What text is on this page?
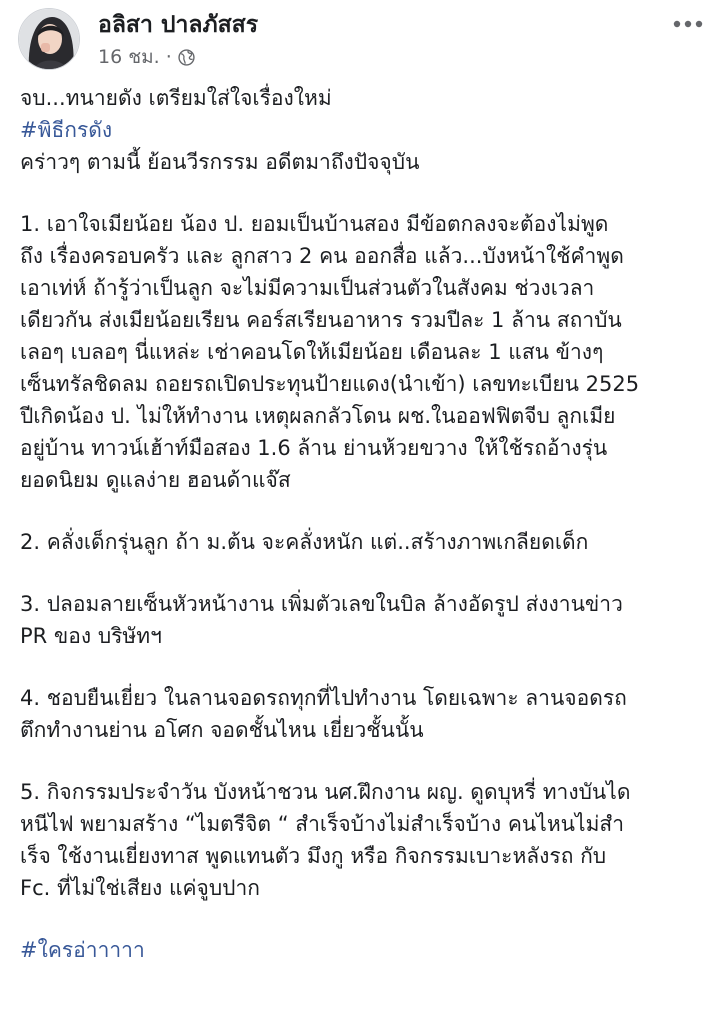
อลิสา ปาลภัสสร
16 ชม. ·
จบ...ทนายดัง เตรียมใส่ใจเรื่องใหม่
#พิธีกรดัง
คร่าวๆ ตามนี้ ย้อนวีรกรรม อดีตมาถึงปัจจุบัน
1. เอาใจเมียน้อย น้อง ป. ยอมเป็นบ้านสอง มีข้อตกลงจะต้องไม่พูด
ถึง เรื่องครอบครัว และ ลูกสาว 2 คน ออกสื่อ แล้ว...บังหน้าใช้คำพูด
เอาเท่ห์ ถ้ารู้ว่าเป็นลูก จะไม่มีความเป็นส่วนตัวในสังคม ช่วงเวลา
เดียวกัน ส่งเมียน้อยเรียน คอร์สเรียนอาหาร รวมปีละ 1 ล้าน สถาบัน
เลอๆ เบลอๆ นี่แหล่ะ เช่าคอนโดให้เมียน้อย เดือนละ 1 แสน ข้างๆ
เซ็นทรัลชิดลม ถอยรถเปิดประทุนป้ายแดง(นำเข้า) เลขทะเบียน 2525
ปีเกิดน้อง ป. ไม่ให้ทำงาน เหตุผลกลัวโดน ผช.ในออฟฟิตจีบ ลูกเมีย
อยู่บ้าน ทาวน์เฮ้าท์มือสอง 1.6 ล้าน ย่านห้วยขวาง ให้ใช้รถอ้างรุ่น
ยอดนิยม ดูแลง่าย ฮอนด้าแจ๊ส
2. คลั่งเด็กรุ่นลูก ถ้า ม.ต้น จะคลั่งหนัก แต่..สร้างภาพเกลียดเด็ก
3. ปลอมลายเซ็นหัวหน้างาน เพิ่มตัวเลขในบิล ล้างอัดรูป ส่งงานข่าว
PR ของ บริษัทฯ
4. ชอบยืนเยี่ยว ในลานจอดรถทุกที่ไปทำงาน โดยเฉพาะ ลานจอดรถ
ตึกทำงานย่าน อโศก จอดชั้นไหน เยี่ยวชั้นนั้น
5. กิจกรรมประจำวัน บังหน้าชวน นศ.ฝึกงาน ผญ. ดูดบุหรี่ ทางบันได
หนีไฟ พยามสร้าง “ไมตรีจิต “ สำเร็จบ้างไม่สำเร็จบ้าง คนไหนไม่สำ
เร็จ ใช้งานเยี่ยงทาส พูดแทนตัว มึงกู หรือ กิจกรรมเบาะหลังรถ กับ
Fc. ที่ไม่ใช่เสียง แค่จูบปาก
#ใครอ่าาาาา
